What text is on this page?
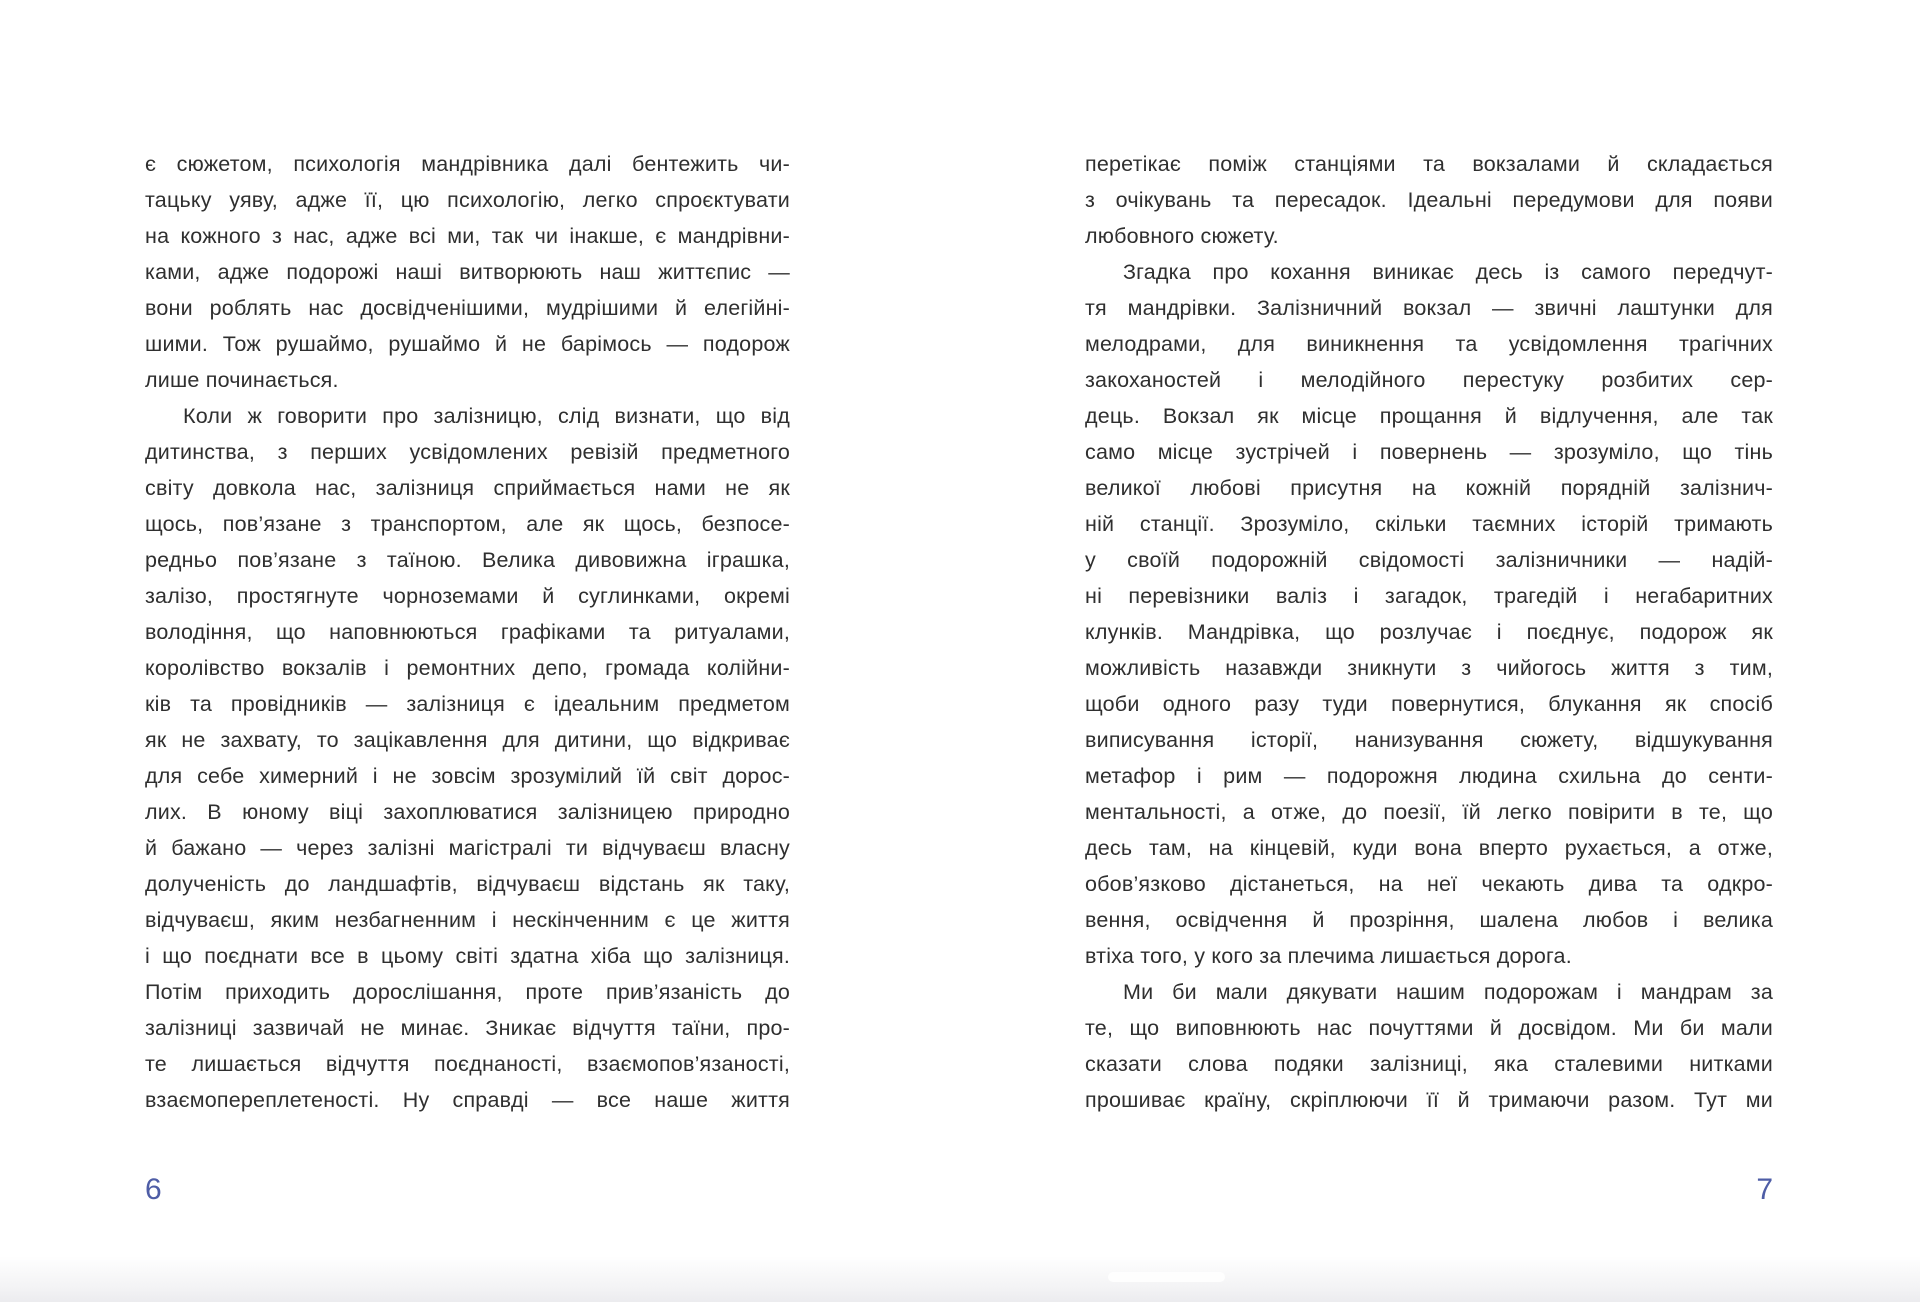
є сюжетом, психологія мандрівника далі бентежить чи-
тацьку уяву, адже її, цю психологію, легко спроєктувати
на кожного з нас, адже всі ми, так чи інакше, є мандрівни-
ками, адже подорожі наші витворюють наш життєпис —
вони роблять нас досвідченішими, мудрішими й елегійні-
шими. Тож рушаймо, рушаймо й не барімось — подорож
лише починається.
Коли ж говорити про залізницю, слід визнати, що від
дитинства, з перших усвідомлених ревізій предметного
світу довкола нас, залізниця сприймається нами не як
щось, пов’язане з транспортом, але як щось, безпосе-
редньо пов’язане з таїною. Велика дивовижна іграшка,
залізо, простягнуте чорноземами й суглинками, окремі
володіння, що наповнюються графіками та ритуалами,
королівство вокзалів і ремонтних депо, громада колійни-
ків та провідників — залізниця є ідеальним предметом
як не захвату, то зацікавлення для дитини, що відкриває
для себе химерний і не зовсім зрозумілий їй світ дорос-
лих. В юному віці захоплюватися залізницею природно
й бажано — через залізні магістралі ти відчуваєш власну
долученість до ландшафтів, відчуваєш відстань як таку,
відчуваєш, яким незбагненним і нескінченним є це життя
і що поєднати все в цьому світі здатна хіба що залізниця.
Потім приходить дорослішання, проте прив’язаність до
залізниці зазвичай не минає. Зникає відчуття таїни, про-
те лишається відчуття поєднаності, взаємопов’язаності,
взаємопереплетеності. Ну справді — все наше життя
перетікає поміж станціями та вокзалами й складається
з очікувань та пересадок. Ідеальні передумови для появи
любовного сюжету.
Згадка про кохання виникає десь із самого передчут-
тя мандрівки. Залізничний вокзал — звичні лаштунки для
мелодрами, для виникнення та усвідомлення трагічних
закоханостей і мелодійного перестуку розбитих сер-
дець. Вокзал як місце прощання й відлучення, але так
само місце зустрічей і повернень — зрозуміло, що тінь
великої любові присутня на кожній порядній залізнич-
ній станції. Зрозуміло, скільки таємних історій тримають
у своїй подорожній свідомості залізничники — надій-
ні перевізники валіз і загадок, трагедій і негабаритних
клунків. Мандрівка, що розлучає і поєднує, подорож як
можливість назавжди зникнути з чийогось життя з тим,
щоби одного разу туди повернутися, блукання як спосіб
виписування історії, нанизування сюжету, відшукування
метафор і рим — подорожня людина схильна до сенти-
ментальності, а отже, до поезії, їй легко повірити в те, що
десь там, на кінцевій, куди вона вперто рухається, а отже,
обов’язково дістанеться, на неї чекають дива та одкро-
вення, освідчення й прозріння, шалена любов і велика
втіха того, у кого за плечима лишається дорога.
Ми би мали дякувати нашим подорожам і мандрам за
те, що виповнюють нас почуттями й досвідом. Ми би мали
сказати слова подяки залізниці, яка сталевими нитками
прошиває країну, скріплюючи її й тримаючи разом. Тут ми
6	7
